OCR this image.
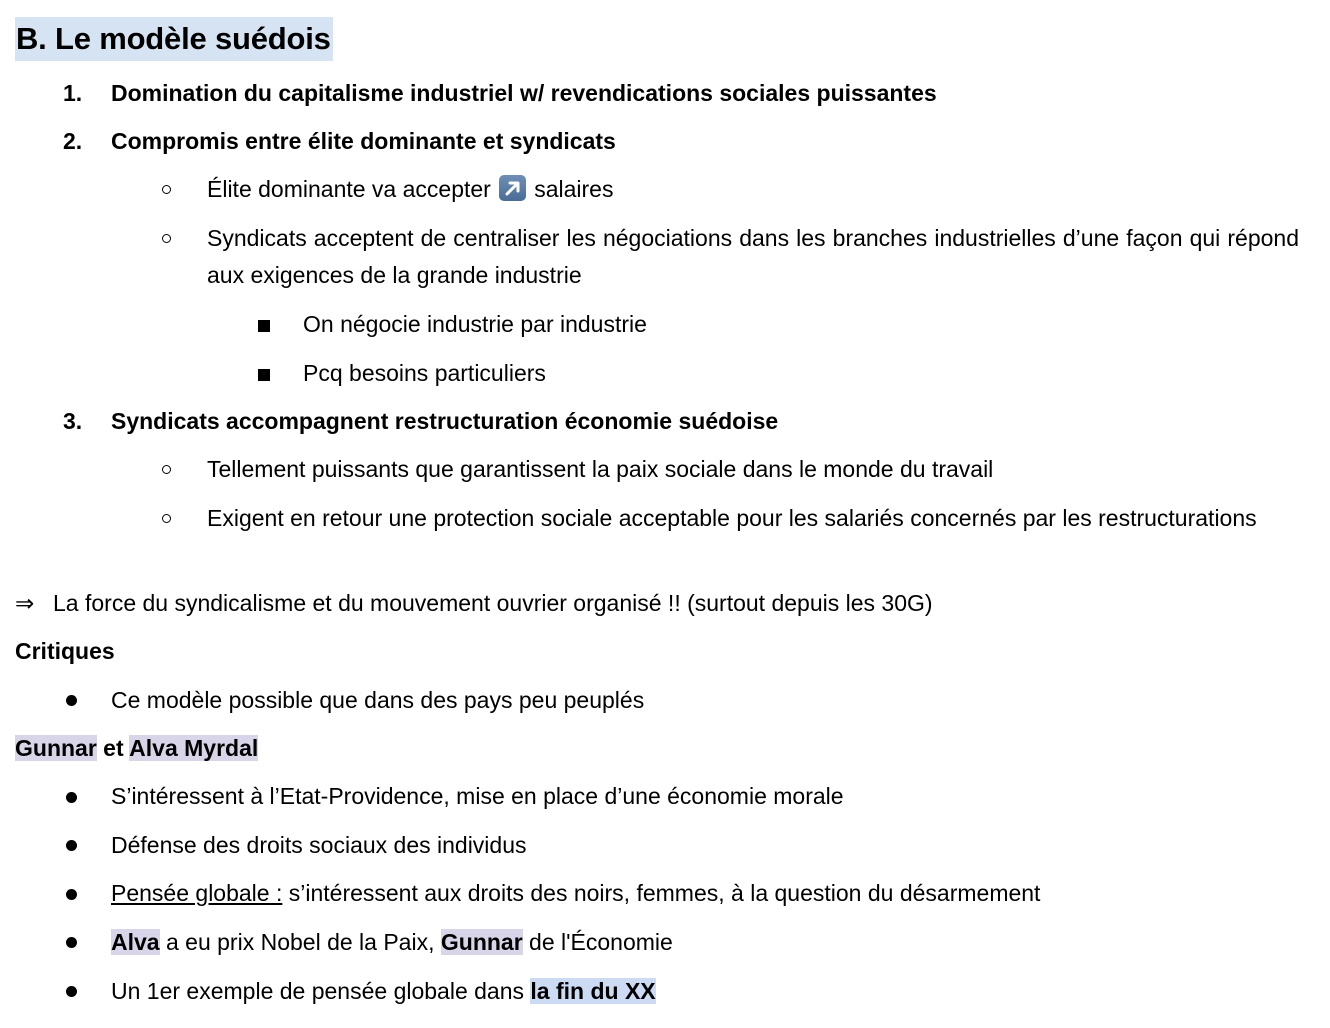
B. Le modèle suédois
1. Domination du capitalisme industriel w/ revendications sociales puissantes
2. Compromis entre élite dominante et syndicats
Élite dominante va accepter salaires
Syndicats acceptent de centraliser les négociations dans les branches industrielles d’une façon qui répond aux exigences de la grande industrie
On négocie industrie par industrie
Pcq besoins particuliers
3. Syndicats accompagnent restructuration économie suédoise
Tellement puissants que garantissent la paix sociale dans le monde du travail
Exigent en retour une protection sociale acceptable pour les salariés concernés par les restructurations
⇒ La force du syndicalisme et du mouvement ouvrier organisé !! (surtout depuis les 30G)
Critiques
Ce modèle possible que dans des pays peu peuplés
Gunnar et Alva Myrdal
S’intéressent à l’Etat-Providence, mise en place d’une économie morale
Défense des droits sociaux des individus
Pensée globale : s’intéressent aux droits des noirs, femmes, à la question du désarmement
Alva a eu prix Nobel de la Paix, Gunnar de l'Économie
Un 1er exemple de pensée globale dans la fin du XX
